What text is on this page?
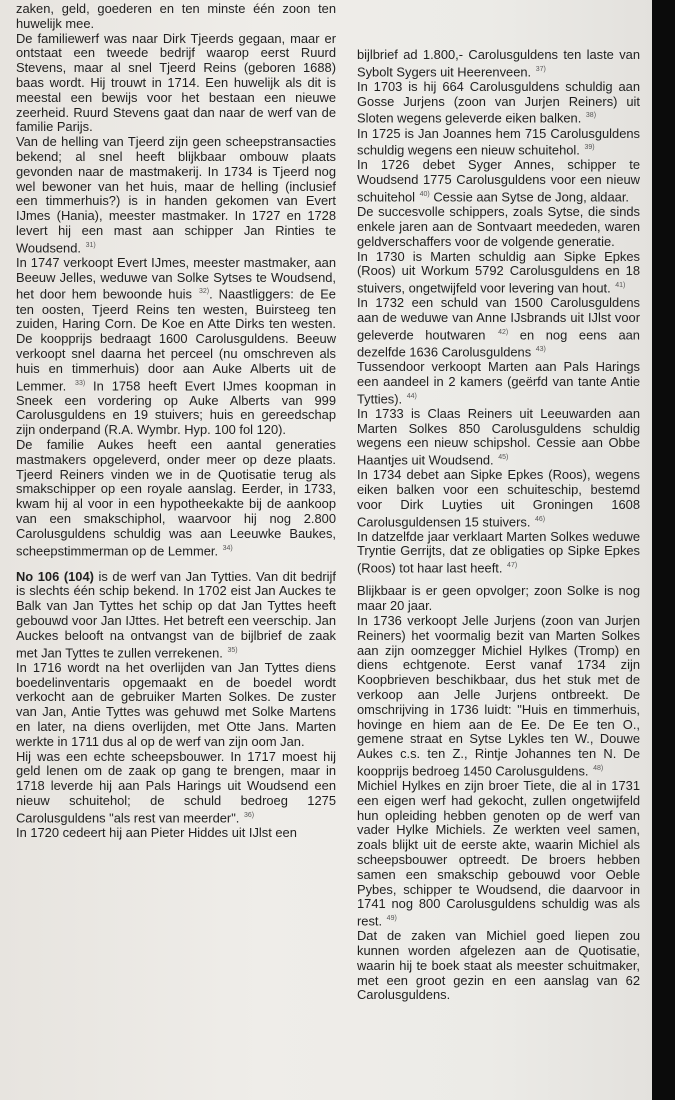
zaken, geld, goederen en ten minste één zoon ten huwelijk mee.

De familiewerf was naar Dirk Tjeerds gegaan, maar er ontstaat een tweede bedrijf waarop eerst Ruurd Stevens, maar al snel Tjeerd Reins (geboren 1688) baas wordt. Hij trouwt in 1714. Een huwelijk als dit is meestal een bewijs voor het bestaan een nieuwe zeerheid. Ruurd Stevens gaat dan naar de werf van de familie Parijs.

Van de helling van Tjeerd zijn geen scheepstransacties bekend; al snel heeft blijkbaar ombouw plaats gevonden naar de mastmakerij. In 1734 is Tjeerd nog wel bewoner van het huis, maar de helling (inclusief een timmerhuis?) is in handen gekomen van Evert IJmes (Hania), meester mastmaker. In 1727 en 1728 levert hij een mast aan schipper Jan Rinties te Woudsend. $^{31)}$

In 1747 verkoopt Evert IJmes, meester mastmaker, aan Beeuw Jelles, weduwe van Solke Sytses te Woudsend, het door hem bewoonde huis $^{32)}$. Naastliggers: de Ee ten oosten, Tjeerd Reins ten westen, Buirsteeg ten zuiden, Haring Corn. De Koe en Atte Dirks ten westen. De koopprijs bedraagt 1600 Carolusguldens. Beeuw verkoopt snel daarna het perceel (nu omschreven als huis en timmerhuis) door aan Auke Alberts uit de Lemmer. $^{33)}$ In 1758 heeft Evert IJmes koopman in Sneek een vordering op Auke Alberts van 999 Carolusguldens en 19 stuivers; huis en gereedschap zijn onderpand (R.A. Wymbr. Hyp. 100 fol 120).

De familie Aukes heeft een aantal generaties mastmakers opgeleverd, onder meer op deze plaats. Tjeerd Reiners vinden we in de Quotisatie terug als smakschipper op een royale aanslag. Eerder, in 1733, kwam hij al voor in een hypotheekakte bij de aankoop van een smakschiphol, waarvoor hij nog 2.800 Carolusguldens schuldig was aan Leeuwke Baukes, scheepstimmerman op de Lemmer. $^{34)}$

No 106 (104) is de werf van Jan Tytties. Van dit bedrijf is slechts één schip bekend. In 1702 eist Jan Auckes te Balk van Jan Tyttes het schip op dat Jan Tyttes heeft gebouwd voor Jan IJttes. Het betreft een veerschip. Jan Auckes belooft na ontvangst van de bijlbrief de zaak met Jan Tyttes te zullen verrekenen. $^{35)}$

In 1716 wordt na het overlijden van Jan Tyttes diens boedelinventaris opgemaakt en de boedel wordt verkocht aan de gebruiker Marten Solkes. De zuster van Jan, Antie Tyttes was gehuwd met Solke Martens en later, na diens overlijden, met Otte Jans. Marten werkte in 1711 dus al op de werf van zijn oom Jan.

Hij was een echte scheepsbouwer. In 1717 moest hij geld lenen om de zaak op gang te brengen, maar in 1718 leverde hij aan Pals Harings uit Woudsend een nieuw schuitehol; de schuld bedroeg 1275 Carolusguldens "als rest van meerder". $^{36)}$

In 1720 cedeert hij aan Pieter Hiddes uit IJlst een

bijlbrief ad 1.800,- Carolusguldens ten laste van Sybolt Sygers uit Heerenveen. $^{37)}$

In 1703 is hij 664 Carolusguldens schuldig aan Gosse Jurjens (zoon van Jurjen Reiners) uit Sloten wegens geleverde eiken balken. $^{38)}$

In 1725 is Jan Joannes hem 715 Carolusguldens schuldig wegens een nieuw schuitehol. $^{39)}$

In 1726 debet Syger Annes, schipper te Woudsend 1775 Carolusguldens voor een nieuw schuitehol $^{40)}$ Cessie aan Sytse de Jong, aldaar.

De succesvolle schippers, zoals Sytse, die sinds enkele jaren aan de Sontvaart meededen, waren geldverschaffers voor de volgende generatie.

In 1730 is Marten schuldig aan Sipke Epkes (Roos) uit Workum 5792 Carolusguldens en 18 stuivers, ongetwijfeld voor levering van hout. $^{41)}$

In 1732 een schuld van 1500 Carolusguldens aan de weduwe van Anne IJsbrands uit IJlst voor geleverde houtwaren $^{42)}$ en nog eens aan dezelfde 1636 Carolusguldens $^{43)}$

Tussendoor verkoopt Marten aan Pals Harings een aandeel in 2 kamers (geërfd van tante Antie Tytties). $^{44)}$

In 1733 is Claas Reiners uit Leeuwarden aan Marten Solkes 850 Carolusguldens schuldig wegens een nieuw schipshol. Cessie aan Obbe Haantjes uit Woudsend. $^{45)}$

In 1734 debet aan Sipke Epkes (Roos), wegens eiken balken voor een schuiteschip, bestemd voor Dirk Luyties uit Groningen 1608 Carolusguldensen 15 stuivers. $^{46)}$

In datzelfde jaar verklaart Marten Solkes weduwe Tryntie Gerrijts, dat ze obligaties op Sipke Epkes (Roos) tot haar last heeft. $^{47)}$

Blijkbaar is er geen opvolger; zoon Solke is nog maar 20 jaar.

In 1736 verkoopt Jelle Jurjens (zoon van Jurjen Reiners) het voormalig bezit van Marten Solkes aan zijn oomzegger Michiel Hylkes (Tromp) en diens echtgenote. Eerst vanaf 1734 zijn Koopbrieven beschikbaar, dus het stuk met de verkoop aan Jelle Jurjens ontbreekt. De omschrijving in 1736 luidt: "Huis en timmerhuis, hovinge en hiem aan de Ee. De Ee ten O., gemene straat en Sytse Lykles ten W., Douwe Aukes c.s. ten Z., Rintje Johannes ten N. De koopprijs bedroeg 1450 Carolusguldens. $^{48)}$

Michiel Hylkes en zijn broer Tiete, die al in 1731 een eigen werf had gekocht, zullen ongetwijfeld hun opleiding hebben genoten op de werf van vader Hylke Michiels. Ze werkten veel samen, zoals blijkt uit de eerste akte, waarin Michiel als scheepsbouwer optreedt. De broers hebben samen een smakschip gebouwd voor Oeble Pybes, schipper te Woudsend, die daarvoor in 1741 nog 800 Carolusguldens schuldig was als rest. $^{49)}$

Dat de zaken van Michiel goed liepen zou kunnen worden afgelezen aan de Quotisatie, waarin hij te boek staat als meester schuitmaker, met een groot gezin en een aanslag van 62 Carolusguldens.
